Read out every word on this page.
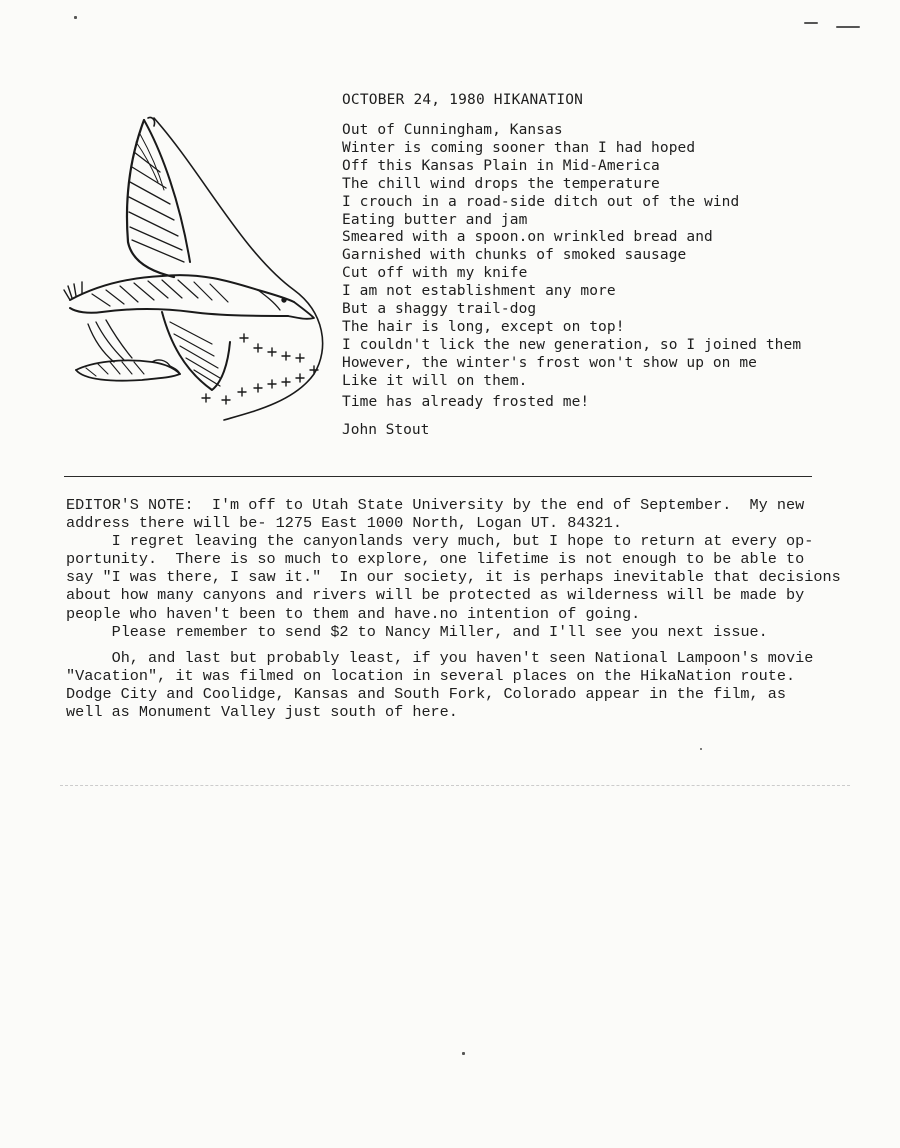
OCTOBER 24, 1980 HIKANATION
Out of Cunningham, Kansas
Winter is coming sooner than I had hoped
Off this Kansas Plain in Mid-America
The chill wind drops the temperature
I crouch in a road-side ditch out of the wind
Eating butter and jam
Smeared with a spoon.on wrinkled bread and
Garnished with chunks of smoked sausage
Cut off with my knife
I am not establishment any more
But a shaggy trail-dog
The hair is long, except on top!
I couldn't lick the new generation, so I joined them
However, the winter's frost won't show up on me
Like it will on them.
Time has already frosted me!
John Stout

EDITOR'S NOTE:  I'm off to Utah State University by the end of September.  My new
address there will be- 1275 East 1000 North, Logan UT. 84321.

I regret leaving the canyonlands very much, but I hope to return at every op-
portunity.  There is so much to explore, one lifetime is not enough to be able to
say "I was there, I saw it."  In our society, it is perhaps inevitable that decisions
about how many canyons and rivers will be protected as wilderness will be made by
people who haven't been to them and have.no intention of going.

Please remember to send $2 to Nancy Miller, and I'll see you next issue.

Oh, and last but probably least, if you haven't seen National Lampoon's movie
"Vacation", it was filmed on location in several places on the HikaNation route.
Dodge City and Coolidge, Kansas and South Fork, Colorado appear in the film, as
well as Monument Valley just south of here.
